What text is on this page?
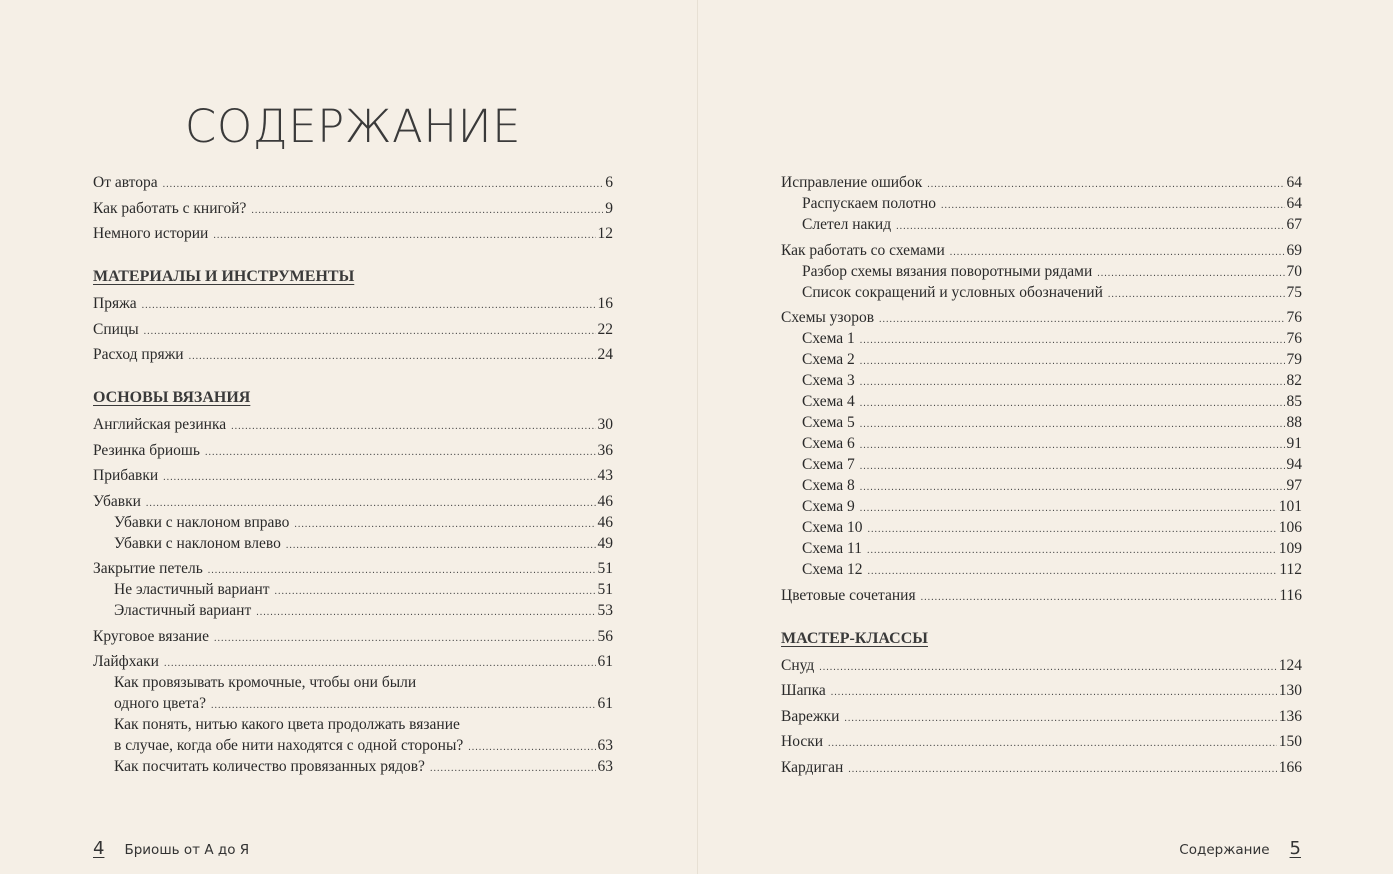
СОДЕРЖАНИЕ
От автора .....	6
Как работать с книгой? .....	9
Немного истории .....	12
МАТЕРИАЛЫ И ИНСТРУМЕНТЫ
Пряжа .....	16
Спицы .....	22
Расход пряжи .....	24
ОСНОВЫ ВЯЗАНИЯ
Английская резинка .....	30
Резинка бриошь .....	36
Прибавки .....	43
Убавки .....	46
Убавки с наклоном вправо .....	46
Убавки с наклоном влево .....	49
Закрытие петель .....	51
Не эластичный вариант .....	51
Эластичный вариант .....	53
Круговое вязание .....	56
Лайфхаки .....	61
Как провязывать кромочные, чтобы они были
одного цвета? .....	61
Как понять, нитью какого цвета продолжать вязание
в случае, когда обе нити находятся с одной стороны? .....	63
Как посчитать количество провязанных рядов? .....	63
4 Бриошь от А до Я
Исправление ошибок .....	64
Распускаем полотно .....	64
Слетел накид .....	67
Как работать со схемами .....	69
Разбор схемы вязания поворотными рядами .....	70
Список сокращений и условных обозначений .....	75
Схемы узоров .....	76
Схема 1 .....	76
Схема 2 .....	79
Схема 3 .....	82
Схема 4 .....	85
Схема 5 .....	88
Схема 6 .....	91
Схема 7 .....	94
Схема 8 .....	97
Схема 9 .....	101
Схема 10 .....	106
Схема 11 .....	109
Схема 12 .....	112
Цветовые сочетания .....	116
МАСТЕР-КЛАССЫ
Снуд .....	124
Шапка .....	130
Варежки .....	136
Носки .....	150
Кардиган .....	166
Содержание 5
